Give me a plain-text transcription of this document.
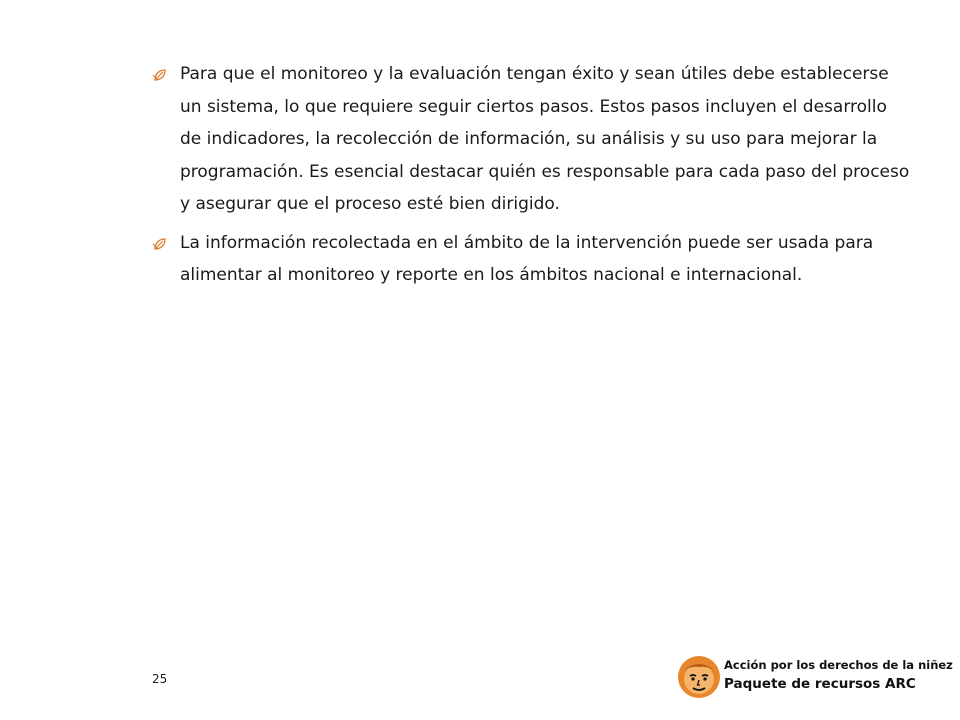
Para que el monitoreo y la evaluación tengan éxito y sean útiles debe establecerse un sistema, lo que requiere seguir ciertos pasos. Estos pasos incluyen el desarrollo de indicadores, la recolección de información, su análisis y su uso para mejorar la programación. Es esencial destacar quién es responsable para cada paso del proceso y asegurar que el proceso esté bien dirigido.
La información recolectada en el ámbito de la intervención puede ser usada para alimentar al monitoreo y reporte en los ámbitos nacional e internacional.
25
Acción por los derechos de la niñez
Paquete de recursos ARC
